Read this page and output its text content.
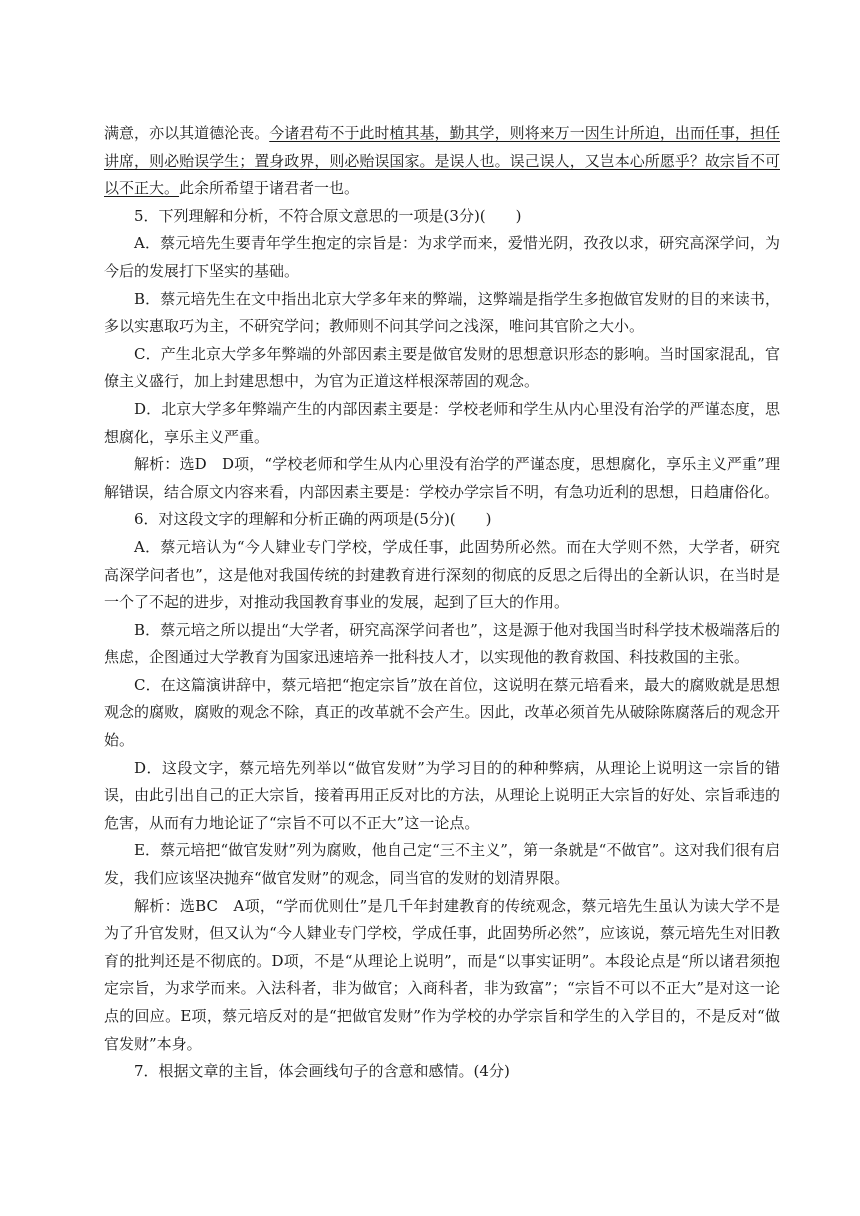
满意，亦以其道德沦丧。今诸君苟不于此时植其基，勤其学，则将来万一因生计所迫，出而任事，担任讲席，则必贻误学生；置身政界，则必贻误国家。是误人也。误己误人，又岂本心所愿乎？故宗旨不可以不正大。此余所希望于诸君者一也。

5．下列理解和分析，不符合原文意思的一项是(3分)(　　)

A．蔡元培先生要青年学生抱定的宗旨是：为求学而来，爱惜光阴，孜孜以求，研究高深学问，为今后的发展打下坚实的基础。

B．蔡元培先生在文中指出北京大学多年来的弊端，这弊端是指学生多抱做官发财的目的来读书，多以实惠取巧为主，不研究学问；教师则不问其学问之浅深，唯问其官阶之大小。

C．产生北京大学多年弊端的外部因素主要是做官发财的思想意识形态的影响。当时国家混乱，官僚主义盛行，加上封建思想中，为官为正道这样根深蒂固的观念。

D．北京大学多年弊端产生的内部因素主要是：学校老师和学生从内心里没有治学的严谨态度，思想腐化，享乐主义严重。

解析：选D　D项，“学校老师和学生从内心里没有治学的严谨态度，思想腐化，享乐主义严重”理解错误，结合原文内容来看，内部因素主要是：学校办学宗旨不明，有急功近利的思想，日趋庸俗化。

6．对这段文字的理解和分析正确的两项是(5分)(　　)

A．蔡元培认为“今人肄业专门学校，学成任事，此固势所必然。而在大学则不然，大学者，研究高深学问者也”，这是他对我国传统的封建教育进行深刻的彻底的反思之后得出的全新认识，在当时是一个了不起的进步，对推动我国教育事业的发展，起到了巨大的作用。

B．蔡元培之所以提出“大学者，研究高深学问者也”，这是源于他对我国当时科学技术极端落后的焦虑，企图通过大学教育为国家迅速培养一批科技人才，以实现他的教育救国、科技救国的主张。

C．在这篇演讲辞中，蔡元培把“抱定宗旨”放在首位，这说明在蔡元培看来，最大的腐败就是思想观念的腐败，腐败的观念不除，真正的改革就不会产生。因此，改革必须首先从破除陈腐落后的观念开始。

D．这段文字，蔡元培先列举以“做官发财”为学习目的的种种弊病，从理论上说明这一宗旨的错误，由此引出自己的正大宗旨，接着再用正反对比的方法，从理论上说明正大宗旨的好处、宗旨乖违的危害，从而有力地论证了“宗旨不可以不正大”这一论点。

E．蔡元培把“做官发财”列为腐败，他自己定“三不主义”，第一条就是“不做官”。这对我们很有启发，我们应该坚决抛弃“做官发财”的观念，同当官的发财的划清界限。

解析：选BC　A项，“学而优则仕”是几千年封建教育的传统观念，蔡元培先生虽认为读大学不是为了升官发财，但又认为“今人肄业专门学校，学成任事，此固势所必然”，应该说，蔡元培先生对旧教育的批判还是不彻底的。D项，不是“从理论上说明”，而是“以事实证明”。本段论点是“所以诸君须抱定宗旨，为求学而来。入法科者，非为做官；入商科者，非为致富”；“宗旨不可以不正大”是对这一论点的回应。E项，蔡元培反对的是“把做官发财”作为学校的办学宗旨和学生的入学目的，不是反对“做官发财”本身。

7．根据文章的主旨，体会画线句子的含意和感情。(4分)
